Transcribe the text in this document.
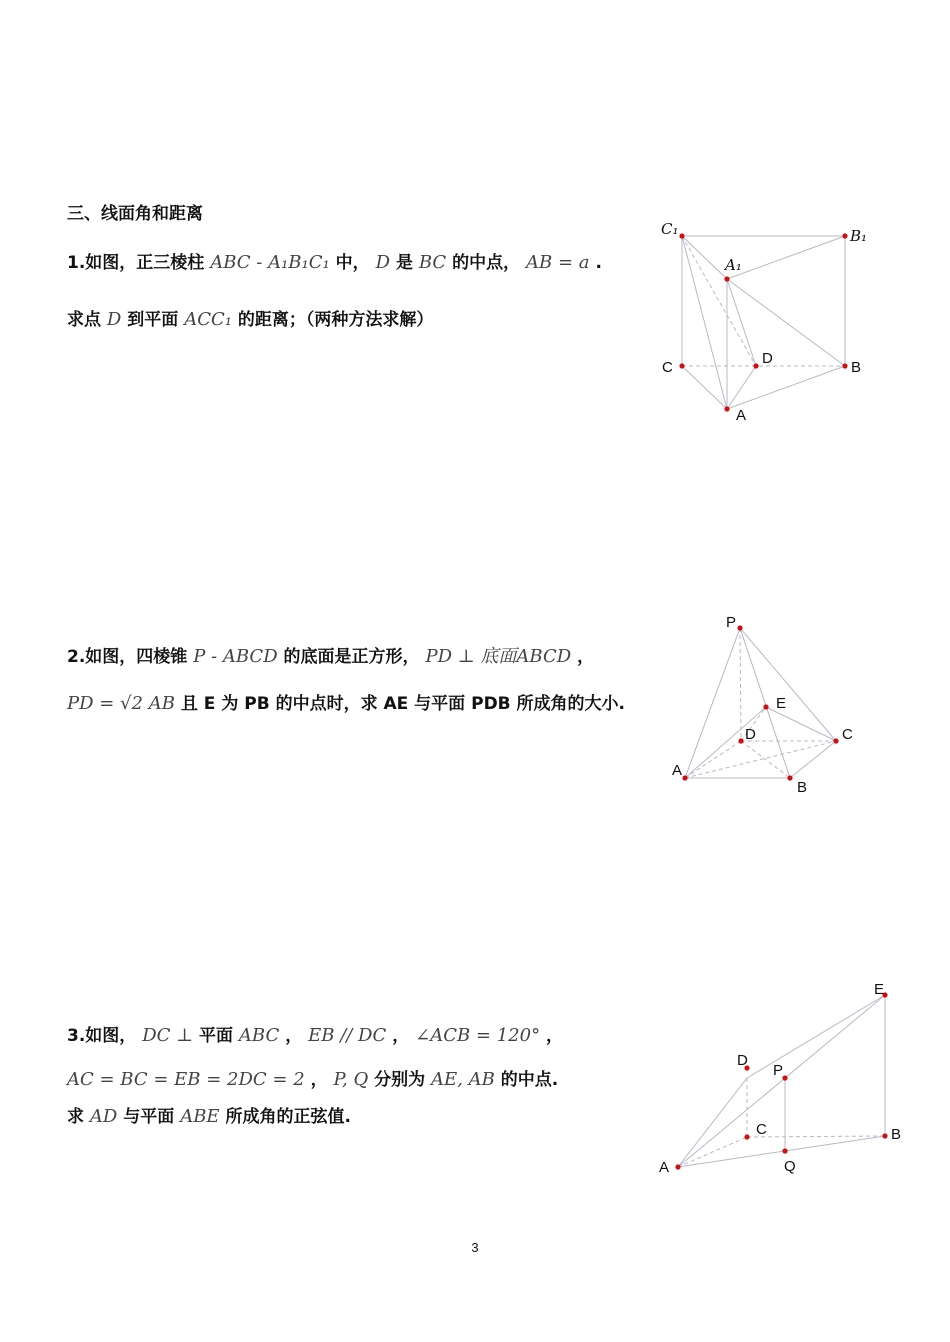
三、线面角和距离
1.如图，正三棱柱 ABC - A₁B₁C₁ 中， D 是 BC 的中点， AB = a .
求点 D 到平面 ACC₁ 的距离；（两种方法求解）
C₁	B₁
A₁
C
D
B
A
2.如图，四棱锥 P - ABCD 的底面是正方形， PD ⊥ 底面ABCD ，
PD = √2 AB 且 E 为 PB 的中点时，求 AE 与平面 PDB 所成角的大小.
P
E
D	C
A
B
3.如图， DC ⊥ 平面 ABC ， EB // DC ， ∠ACB = 120° ，
AC = BC = EB = 2DC = 2 ， P, Q 分别为 AE, AB 的中点.
求 AD 与平面 ABE 所成角的正弦值.
E
D
P
C	B
A	Q
3
